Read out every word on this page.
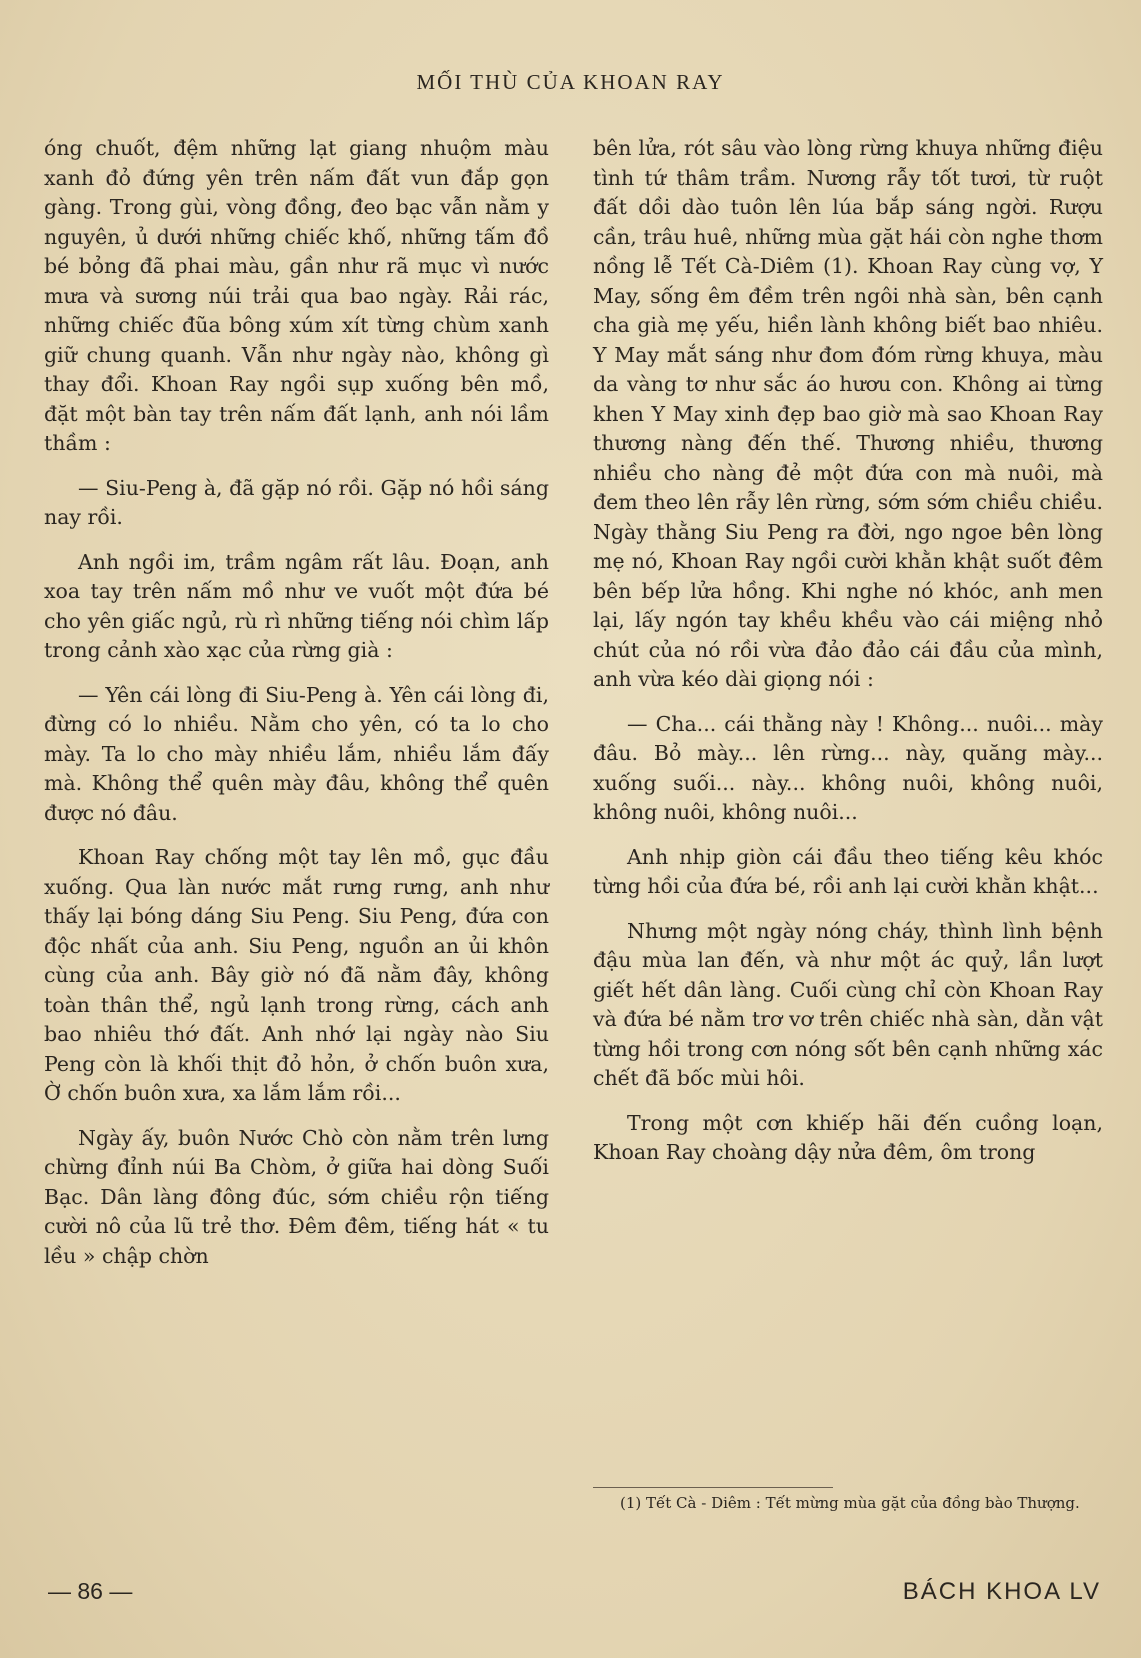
MỐI THÙ CỦA KHOAN RAY

óng chuốt, đệm những lạt giang nhuộm màu xanh đỏ đứng yên trên nấm đất vun đắp gọn gàng. Trong gùi, vòng đồng, đeo bạc vẫn nằm y nguyên, ủ dưới những chiếc khố, những tấm đồ bé bỏng đã phai màu, gần như rã mục vì nước mưa và sương núi trải qua bao ngày. Rải rác, những chiếc đũa bông xúm xít từng chùm xanh giữ chung quanh. Vẫn như ngày nào, không gì thay đổi. Khoan Ray ngồi sụp xuống bên mồ, đặt một bàn tay trên nấm đất lạnh, anh nói lầm thầm :

— Siu-Peng à, đã gặp nó rồi. Gặp nó hồi sáng nay rồi.

Anh ngồi im, trầm ngâm rất lâu. Đoạn, anh xoa tay trên nấm mồ như ve vuốt một đứa bé cho yên giấc ngủ, rù rì những tiếng nói chìm lấp trong cảnh xào xạc của rừng già :

— Yên cái lòng đi Siu-Peng à. Yên cái lòng đi, đừng có lo nhiều. Nằm cho yên, có ta lo cho mày. Ta lo cho mày nhiều lắm, nhiều lắm đấy mà. Không thể quên mày đâu, không thể quên được nó đâu.

Khoan Ray chống một tay lên mồ, gục đầu xuống. Qua làn nước mắt rưng rưng, anh như thấy lại bóng dáng Siu Peng. Siu Peng, đứa con độc nhất của anh. Siu Peng, nguồn an ủi khôn cùng của anh. Bây giờ nó đã nằm đây, không toàn thân thể, ngủ lạnh trong rừng, cách anh bao nhiêu thớ đất. Anh nhớ lại ngày nào Siu Peng còn là khối thịt đỏ hỏn, ở chốn buôn xưa, Ờ chốn buôn xưa, xa lắm lắm rồi...

Ngày ấy, buôn Nước Chò còn nằm trên lưng chừng đỉnh núi Ba Chòm, ở giữa hai dòng Suối Bạc. Dân làng đông đúc, sớm chiều rộn tiếng cười nô của lũ trẻ thơ. Đêm đêm, tiếng hát « tu lều » chập chờn

bên lửa, rót sâu vào lòng rừng khuya những điệu tình tứ thâm trầm. Nương rẫy tốt tươi, từ ruột đất dồi dào tuôn lên lúa bắp sáng ngời. Rượu cần, trâu huê, những mùa gặt hái còn nghe thơm nồng lễ Tết Cà-Diêm (1). Khoan Ray cùng vợ, Y May, sống êm đềm trên ngôi nhà sàn, bên cạnh cha già mẹ yếu, hiền lành không biết bao nhiêu. Y May mắt sáng như đom đóm rừng khuya, màu da vàng tơ như sắc áo hươu con. Không ai từng khen Y May xinh đẹp bao giờ mà sao Khoan Ray thương nàng đến thế. Thương nhiều, thương nhiều cho nàng đẻ một đứa con mà nuôi, mà đem theo lên rẫy lên rừng, sớm sớm chiều chiều. Ngày thằng Siu Peng ra đời, ngo ngoe bên lòng mẹ nó, Khoan Ray ngồi cười khằn khật suốt đêm bên bếp lửa hồng. Khi nghe nó khóc, anh men lại, lấy ngón tay khều khều vào cái miệng nhỏ chút của nó rồi vừa đảo đảo cái đầu của mình, anh vừa kéo dài giọng nói :

— Cha... cái thằng này ! Không... nuôi... mày đâu. Bỏ mày... lên rừng... này, quăng mày... xuống suối... này... không nuôi, không nuôi, không nuôi, không nuôi...

Anh nhịp giòn cái đầu theo tiếng kêu khóc từng hồi của đứa bé, rồi anh lại cười khằn khật...

Nhưng một ngày nóng cháy, thình lình bệnh đậu mùa lan đến, và như một ác quỷ, lần lượt giết hết dân làng. Cuối cùng chỉ còn Khoan Ray và đứa bé nằm trơ vơ trên chiếc nhà sàn, dằn vật từng hồi trong cơn nóng sốt bên cạnh những xác chết đã bốc mùi hôi.

Trong một cơn khiếp hãi đến cuồng loạn, Khoan Ray choàng dậy nửa đêm, ôm trong

(1) Tết Cà - Diêm : Tết mừng mùa gặt của đồng bào Thượng.
— 86 —	BÁCH KHOA LV
